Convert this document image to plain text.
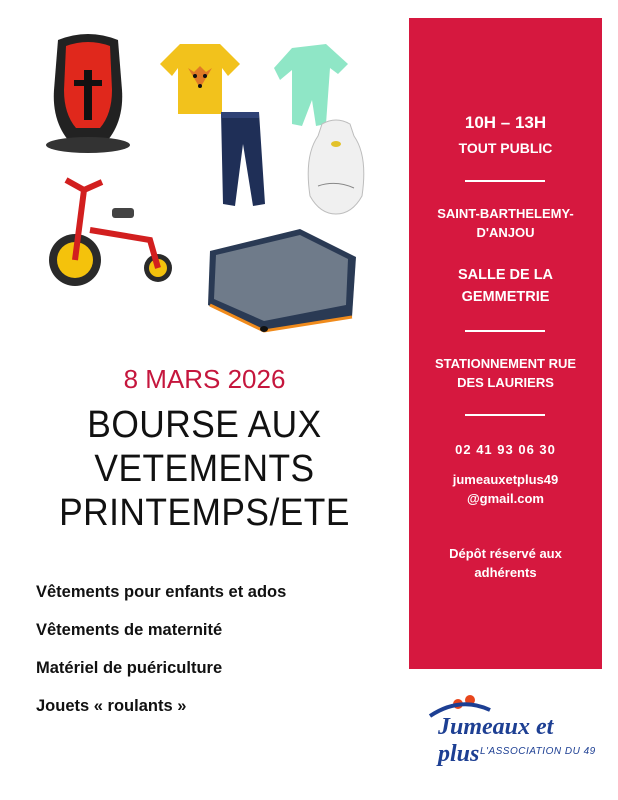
8 MARS 2026
BOURSE AUX
VETEMENTS
PRINTEMPS/ETE
Vêtements pour enfants et ados
Vêtements de maternité
Matériel de puériculture
Jouets « roulants »
10H – 13H
TOUT PUBLIC
SAINT-BARTHELEMY-
D'ANJOU
SALLE DE LA
GEMMETRIE
STATIONNEMENT RUE
DES LAURIERS
02 41 93 06 30
jumeauxetplus49
@gmail.com
Dépôt réservé aux
adhérents
Jumeaux et plus L'ASSOCIATION DU 49
